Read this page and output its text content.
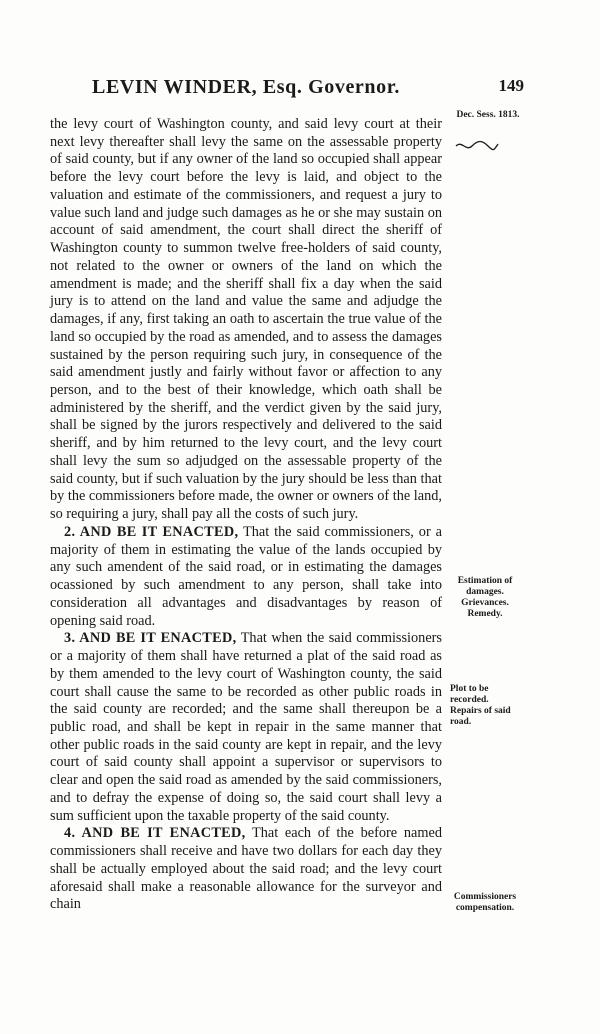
LEVIN WINDER, Esq. Governor.	149

the levy court of Washington county, and said levy court at their next levy thereafter shall levy the same on the assessable property of said county, but if any owner of the land so occupied shall appear before the levy court before the levy is laid, and object to the valuation and estimate of the commissioners, and request a jury to value such land and judge such damages as he or she may sustain on account of said amendment, the court shall direct the sheriff of Washington county to summon twelve free-holders of said county, not related to the owner or owners of the land on which the amendment is made; and the sheriff shall fix a day when the said jury is to attend on the land and value the same and adjudge the damages, if any, first taking an oath to ascertain the true value of the land so occupied by the road as amended, and to assess the damages sustained by the person requiring such jury, in consequence of the said amendment justly and fairly without favor or affection to any person, and to the best of their knowledge, which oath shall be administered by the sheriff, and the verdict given by the said jury, shall be signed by the jurors respectively and delivered to the said sheriff, and by him returned to the levy court, and the levy court shall levy the sum so adjudged on the assessable property of the said county, but if such valuation by the jury should be less than that by the commissioners before made, the owner or owners of the land, so requiring a jury, shall pay all the costs of such jury.

2. AND BE IT ENACTED, That the said commissioners, or a majority of them in estimating the value of the lands occupied by any such amendent of the said road, or in estimating the damages ocassioned by such amendment to any person, shall take into consideration all advantages and disadvantages by reason of opening said road.

3. AND BE IT ENACTED, That when the said commissioners or a majority of them shall have returned a plat of the said road as by them amended to the levy court of Washington county, the said court shall cause the same to be recorded as other public roads in the said county are recorded; and the same shall thereupon be a public road, and shall be kept in repair in the same manner that other public roads in the said county are kept in repair, and the levy court of said county shall appoint a supervisor or supervisors to clear and open the said road as amended by the said commissioners, and to defray the expense of doing so, the said court shall levy a sum sufficient upon the taxable property of the said county.

4. AND BE IT ENACTED, That each of the before named commissioners shall receive and have two dollars for each day they shall be actually employed about the said road; and the levy court aforesaid shall make a reasonable allowance for the surveyor and chain

Dec. Sess. 1813.
Estimation of damages. Grievances. Remedy.
Plot to be recorded. Repairs of said road.
Commissioners compensation.
